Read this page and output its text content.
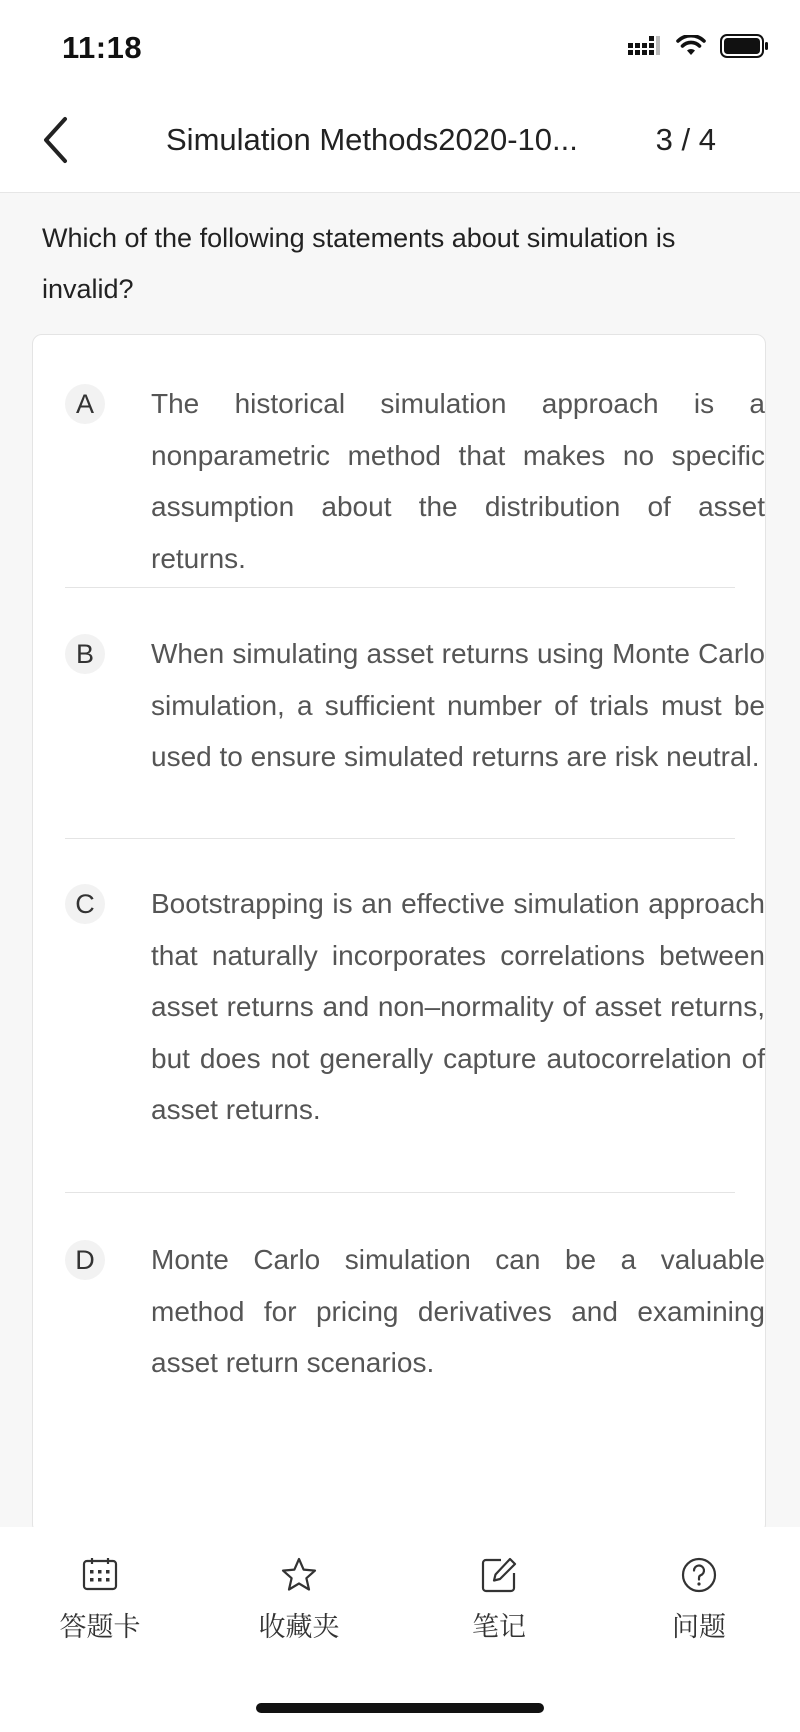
11:18
Simulation Methods2020-10...	3 / 4
Which of the following statements about simulation is invalid?
A	The historical simulation approach is a nonparametric method that makes no specific assumption about the distribution of asset returns.
B	When simulating asset returns using Monte Carlo simulation, a sufficient number of trials must be used to ensure simulated returns are risk neutral.
C	Bootstrapping is an effective simulation approach that naturally incorporates correlations between asset returns and non–normality of asset returns, but does not generally capture autocorrelation of asset returns.
D	Monte Carlo simulation can be a valuable method for pricing derivatives and examining asset return scenarios.
答题卡	收藏夹	笔记	问题
